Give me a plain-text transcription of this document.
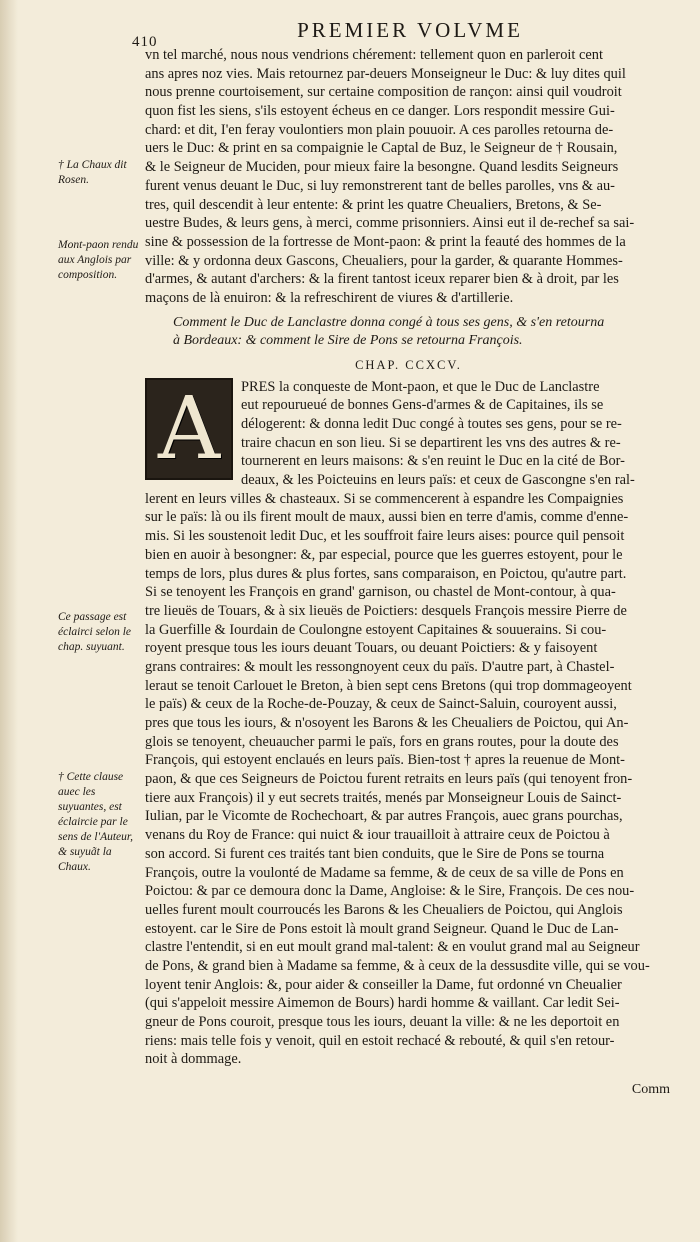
410	PREMIER VOLVME
† La Chaux dit Rosen.
Mont-paon rendu aux Anglois par composition.
Ce passage est éclairci selon le chap. suyuant.
† Cette clause auec les suyuantes, est éclaircie par le sens de l'Auteur, & suyuãt la Chaux.
vn tel marché, nous nous vendrions chérement: tellement quon en parleroit cent
ans apres noz vies. Mais retournez par-deuers Monseigneur le Duc: & luy dites quil
nous prenne courtoisement, sur certaine composition de rançon: ainsi quil voudroit
quon fist les siens, s'ils estoyent écheus en ce danger. Lors respondit messire Gui-
chard: et dit, I'en feray voulontiers mon plain pouuoir. A ces parolles retourna de-
uers le Duc: & print en sa compaignie le Captal de Buz, le Seigneur de † Rousain,
& le Seigneur de Muciden, pour mieux faire la besongne. Quand lesdits Seigneurs
furent venus deuant le Duc, si luy remonstrerent tant de belles parolles, vns & au-
tres, quil descendit à leur entente: & print les quatre Cheualiers, Bretons, & Se-
uestre Budes, & leurs gens, à merci, comme prisonniers. Ainsi eut il de-rechef sa sai-
sine & possession de la fortresse de Mont-paon: & print la feauté des hommes de la
ville: & y ordonna deux Gascons, Cheualiers, pour la garder, & quarante Hommes-
d'armes, & autant d'archers: & la firent tantost iceux reparer bien & à droit, par les
maçons de là enuiron: & la refreschirent de viures & d'artillerie.
Comment le Duc de Lanclastre donna congé à tous ses gens, & s'en retourna
à Bordeaux: & comment le Sire de Pons se retourna François.
CHAP. CCXCV.
A	PRES la conqueste de Mont-paon, et que le Duc de Lanclastre
eut repourueué de bonnes Gens-d'armes & de Capitaines, ils se
délogerent: & donna ledit Duc congé à toutes ses gens, pour se re-
traire chacun en son lieu. Si se departirent les vns des autres & re-
tournerent en leurs maisons: & s'en reuint le Duc en la cité de Bor-
deaux, & les Poicteuins en leurs païs: et ceux de Gascongne s'en ral-
lerent en leurs villes & chasteaux. Si se commencerent à espandre les Compaignies
sur le païs: là ou ils firent moult de maux, aussi bien en terre d'amis, comme d'enne-
mis. Si les soustenoit ledit Duc, et les souffroit faire leurs aises: pource quil pensoit
bien en auoir à besongner: &, par especial, pource que les guerres estoyent, pour le
temps de lors, plus dures & plus fortes, sans comparaison, en Poictou, qu'autre part.
Si se tenoyent les François en grand' garnison, ou chastel de Mont-contour, à qua-
tre lieuës de Touars, & à six lieuës de Poictiers: desquels François messire Pierre de
la Guerfille & Iourdain de Coulongne estoyent Capitaines & souuerains. Si cou-
royent presque tous les iours deuant Touars, ou deuant Poictiers: & y faisoyent
grans contraires: & moult les ressongnoyent ceux du païs. D'autre part, à Chastel-
leraut se tenoit Carlouet le Breton, à bien sept cens Bretons (qui trop dommageoyent
le païs) & ceux de la Roche-de-Pouzay, & ceux de Sainct-Saluin, couroyent aussi,
pres que tous les iours, & n'osoyent les Barons & les Cheualiers de Poictou, qui An-
glois se tenoyent, cheuaucher parmi le païs, fors en grans routes, pour la doute des
François, qui estoyent enclaués en leurs païs. Bien-tost † apres la reuenue de Mont-
paon, & que ces Seigneurs de Poictou furent retraits en leurs païs (qui tenoyent fron-
tiere aux François) il y eut secrets traités, menés par Monseigneur Louis de Sainct-
Iulian, par le Vicomte de Rochechoart, & par autres François, auec grans pourchas,
venans du Roy de France: qui nuict & iour trauailloit à attraire ceux de Poictou à
son accord. Si furent ces traités tant bien conduits, que le Sire de Pons se tourna
François, outre la voulonté de Madame sa femme, & de ceux de sa ville de Pons en
Poictou: & par ce demoura donc la Dame, Angloise: & le Sire, François. De ces nou-
uelles furent moult courroucés les Barons & les Cheualiers de Poictou, qui Anglois
estoyent. car le Sire de Pons estoit là moult grand Seigneur. Quand le Duc de Lan-
clastre l'entendit, si en eut moult grand mal-talent: & en voulut grand mal au Seigneur
de Pons, & grand bien à Madame sa femme, & à ceux de la dessusdite ville, qui se vou-
loyent tenir Anglois: &, pour aider & conseiller la Dame, fut ordonné vn Cheualier
(qui s'appeloit messire Aimemon de Bours) hardi homme & vaillant. Car ledit Sei-
gneur de Pons couroit, presque tous les iours, deuant la ville: & ne les deportoit en
riens: mais telle fois y venoit, quil en estoit rechacé & rebouté, & quil s'en retour-
noit à dommage.
Comm
